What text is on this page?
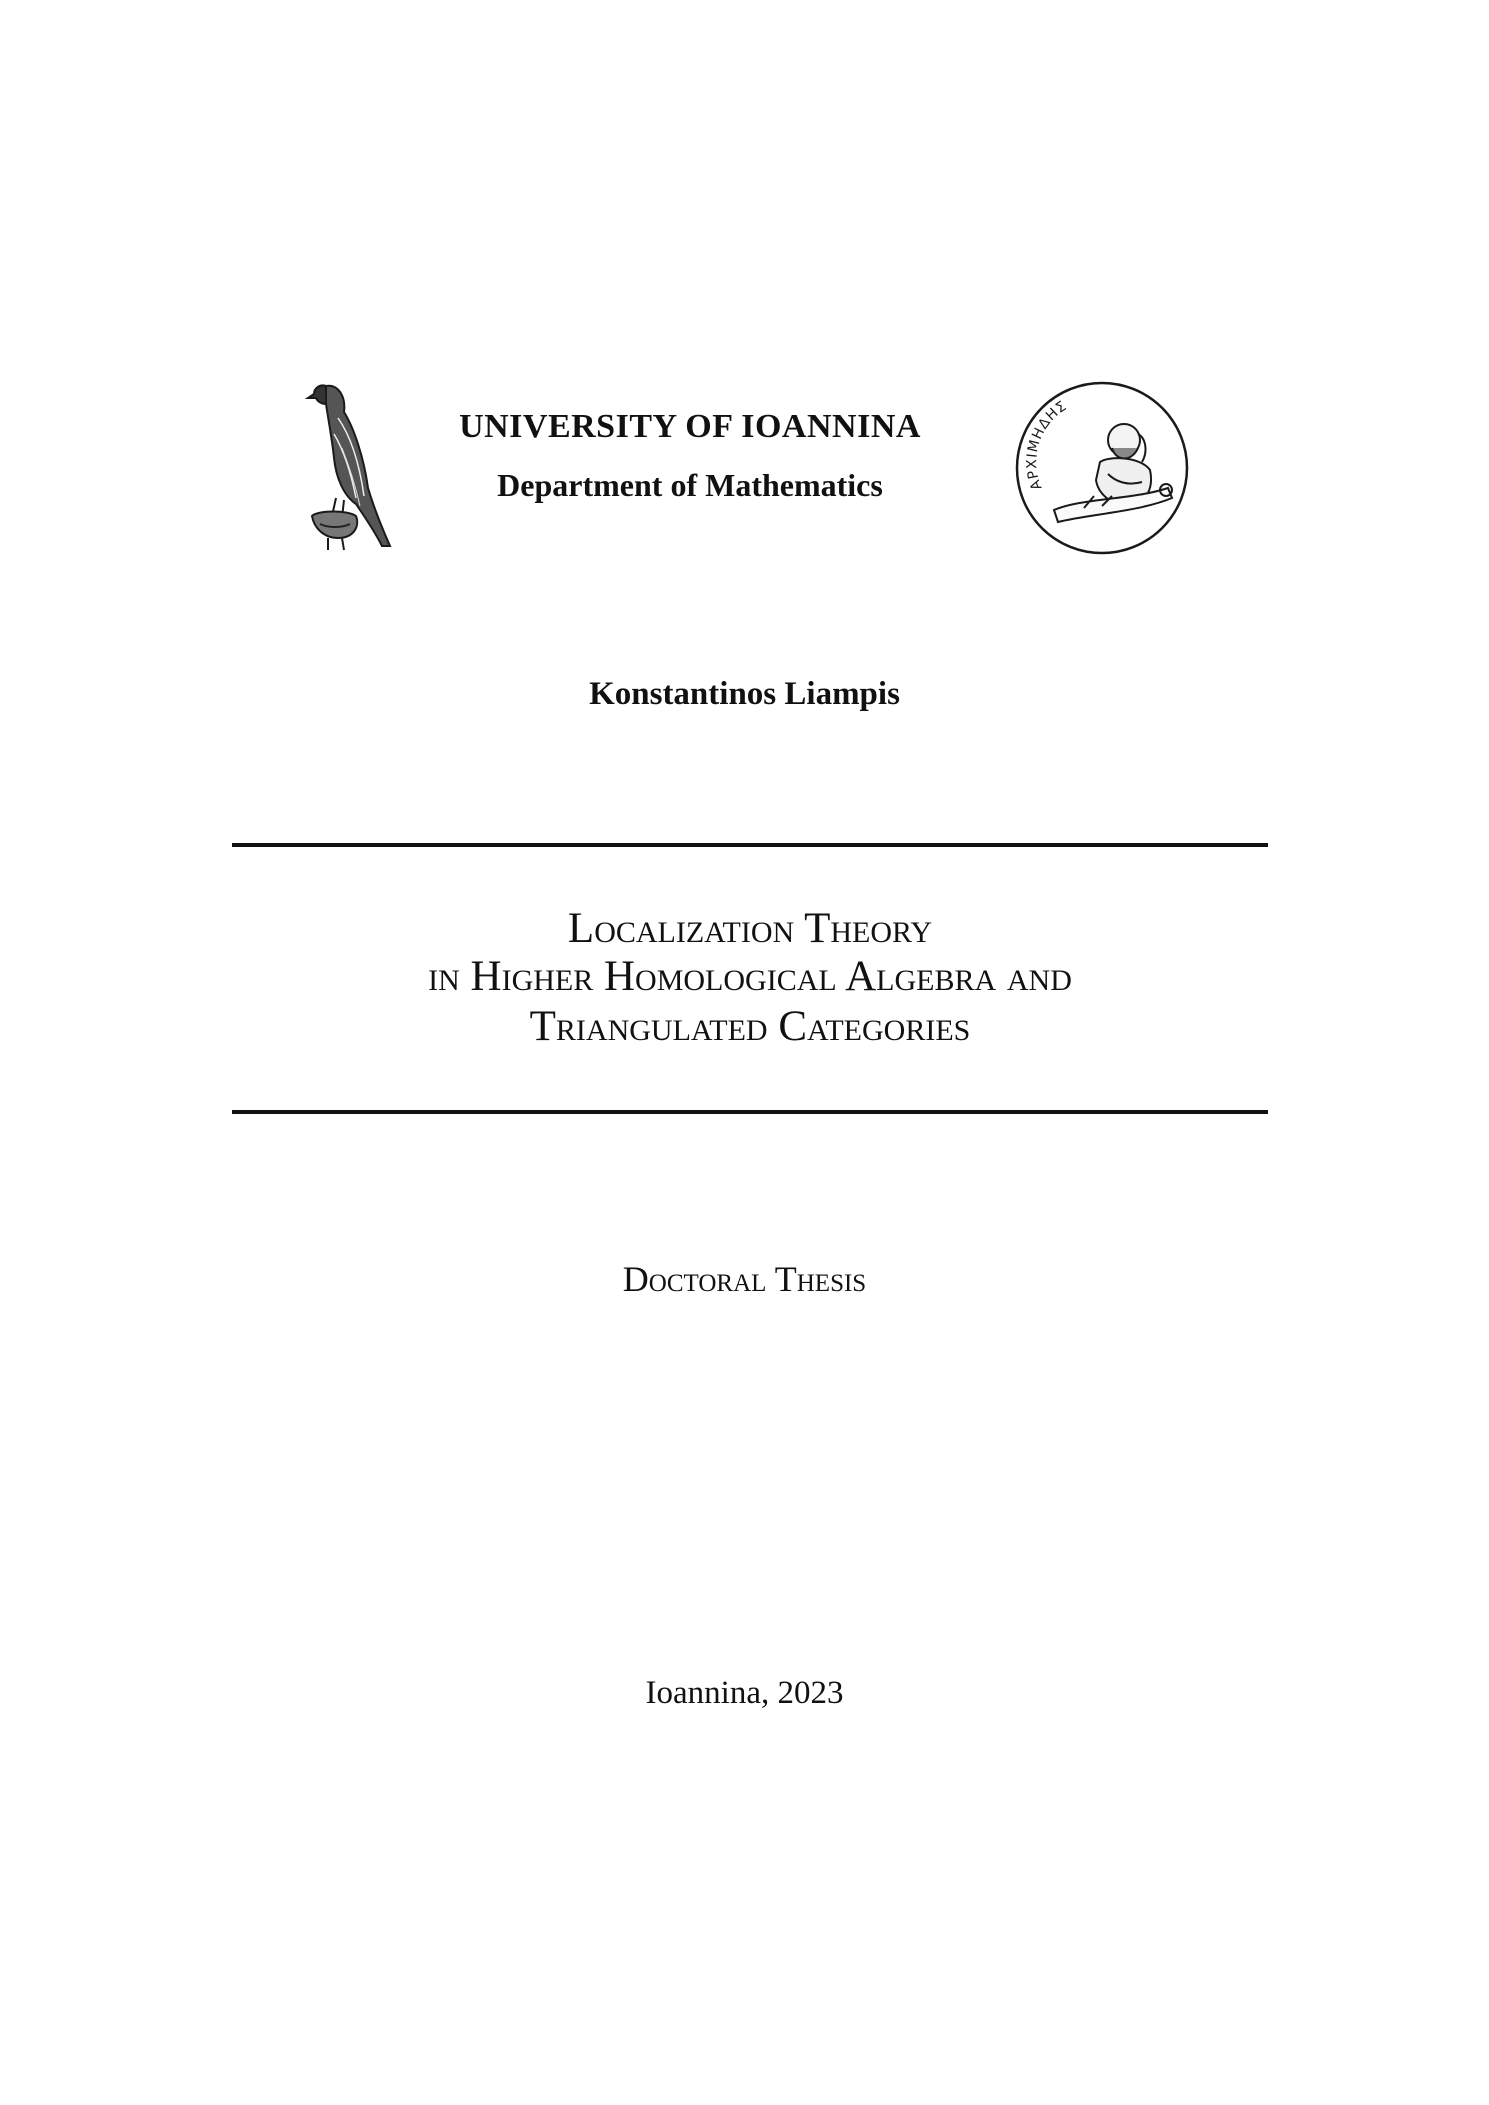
UNIVERSITY OF IOANNINA
Department of Mathematics	ΑΡΧΙΜΗΔΗΣ
Konstantinos Liampis
Localization Theory
in Higher Homological Algebra and
Triangulated Categories
Doctoral Thesis
Ioannina, 2023
